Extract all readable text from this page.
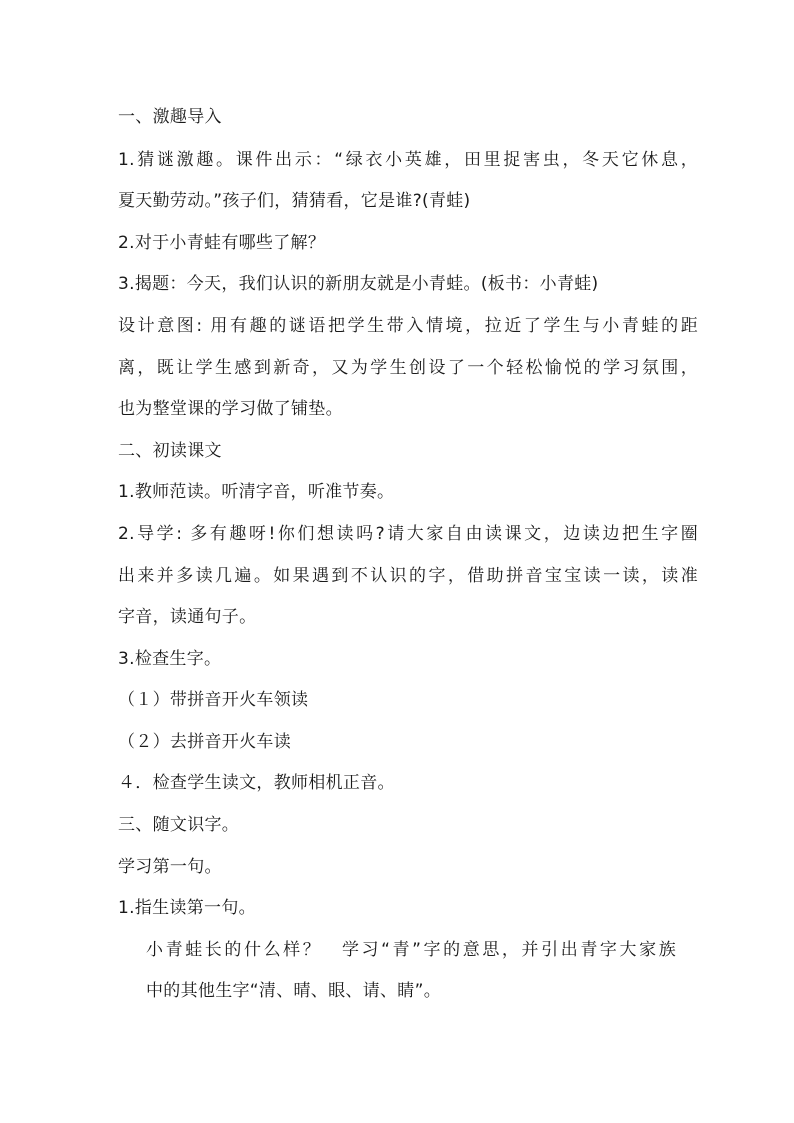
一、激趣导入
1.猜谜激趣。课件出示：“绿衣小英雄，田里捉害虫，冬天它休息，
夏天勤劳动。”孩子们，猜猜看，它是谁?(青蛙)
2.对于小青蛙有哪些了解？
3.揭题：今天，我们认识的新朋友就是小青蛙。(板书：小青蛙)
设计意图: 用有趣的谜语把学生带入情境，拉近了学生与小青蛙的距
离，既让学生感到新奇，又为学生创设了一个轻松愉悦的学习氛围，
也为整堂课的学习做了铺垫。
二、初读课文
1.教师范读。听清字音，听准节奏。
2.导学: 多有趣呀!你们想读吗?请大家自由读课文，边读边把生字圈
出来并多读几遍。如果遇到不认识的字，借助拼音宝宝读一读，读准
字音，读通句子。
3.检查生字。
（１）带拼音开火车领读
（２）去拼音开火车读
４．检查学生读文，教师相机正音。
三、随文识字。
学习第一句。
1.指生读第一句。
小青蛙长的什么样？　学习“青”字的意思，并引出青字大家族
中的其他生字“清、晴、眼、请、睛”。
